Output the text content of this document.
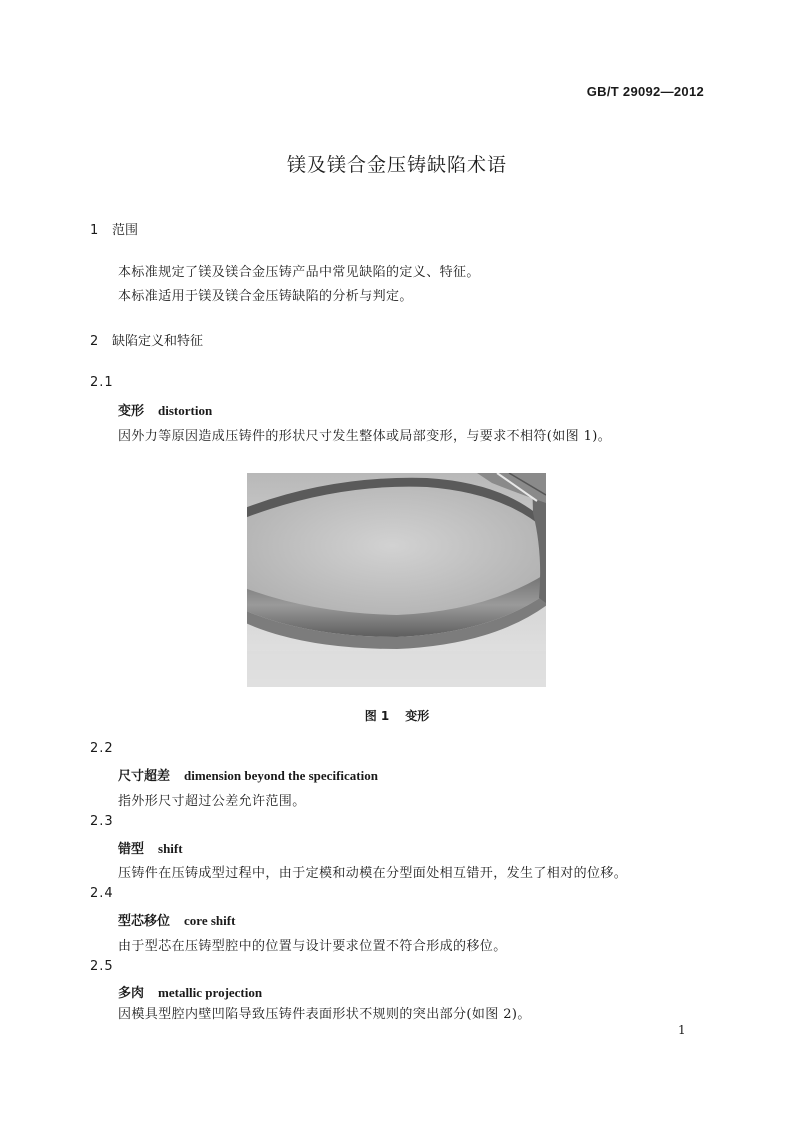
GB/T 29092—2012
镁及镁合金压铸缺陷术语
1 范围
本标准规定了镁及镁合金压铸产品中常见缺陷的定义、特征。
本标准适用于镁及镁合金压铸缺陷的分析与判定。
2 缺陷定义和特征
2.1
变形 distortion
因外力等原因造成压铸件的形状尺寸发生整体或局部变形，与要求不相符(如图 1)。
图 1 变形
2.2
尺寸超差 dimension beyond the specification
指外形尺寸超过公差允许范围。
2.3
错型 shift
压铸件在压铸成型过程中，由于定模和动模在分型面处相互错开，发生了相对的位移。
2.4
型芯移位 core shift
由于型芯在压铸型腔中的位置与设计要求位置不符合形成的移位。
2.5
多肉 metallic projection
因模具型腔内壁凹陷导致压铸件表面形状不规则的突出部分(如图 2)。
1
